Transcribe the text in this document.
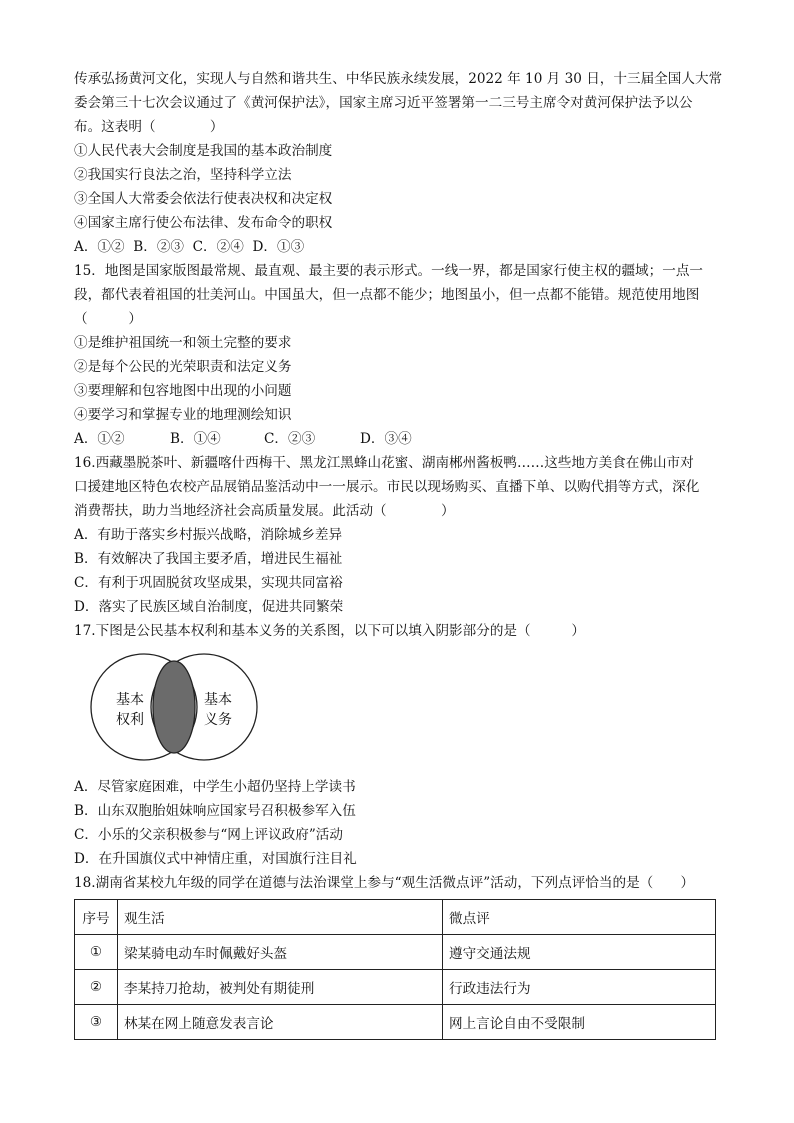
传承弘扬黄河文化，实现人与自然和谐共生、中华民族永续发展，2022 年 10 月 30 日，十三届全国人大常
委会第三十七次会议通过了《黄河保护法》，国家主席习近平签署第一二三号主席令对黄河保护法予以公
布。这表明（　　　　）
①人民代表大会制度是我国的基本政治制度
②我国实行良法之治，坚持科学立法
③全国人大常委会依法行使表决权和决定权
④国家主席行使公布法律、发布命令的职权
A．①②  B．②③  C．②④  D．①③
15．地图是国家版图最常规、最直观、最主要的表示形式。一线一界，都是国家行使主权的疆域；一点一
段，都代表着祖国的壮美河山。中国虽大，但一点都不能少；地图虽小，但一点都不能错。规范使用地图
（　　　）
①是维护祖国统一和领土完整的要求
②是每个公民的光荣职责和法定义务
③要理解和包容地图中出现的小问题
④要学习和掌握专业的地理测绘知识
A．①②	B．①④	C．②③	D．③④
16.西藏墨脱茶叶、新疆喀什西梅干、黑龙江黑蜂山花蜜、湖南郴州酱板鸭……这些地方美食在佛山市对
口援建地区特色农校产品展销品鉴活动中一一展示。市民以现场购买、直播下单、以购代捐等方式，深化
消费帮扶，助力当地经济社会高质量发展。此活动（　　　　）
A．有助于落实乡村振兴战略，消除城乡差异
B．有效解决了我国主要矛盾，增进民生福祉
C．有利于巩固脱贫攻坚成果，实现共同富裕
D．落实了民族区域自治制度，促进共同繁荣
17.下图是公民基本权利和基本义务的关系图，以下可以填入阴影部分的是（　　　）
基本
权利
基本
义务
A．尽管家庭困难，中学生小超仍坚持上学读书
B．山东双胞胎姐妹响应国家号召积极参军入伍
C．小乐的父亲积极参与“网上评议政府”活动
D．在升国旗仪式中神情庄重，对国旗行注目礼
18.湖南省某校九年级的同学在道德与法治课堂上参与“观生活微点评”活动，下列点评恰当的是（　　）
序号	观生活	微点评
①	梁某骑电动车时佩戴好头盔	遵守交通法规
②	李某持刀抢劫，被判处有期徒刑	行政违法行为
③	林某在网上随意发表言论	网上言论自由不受限制
